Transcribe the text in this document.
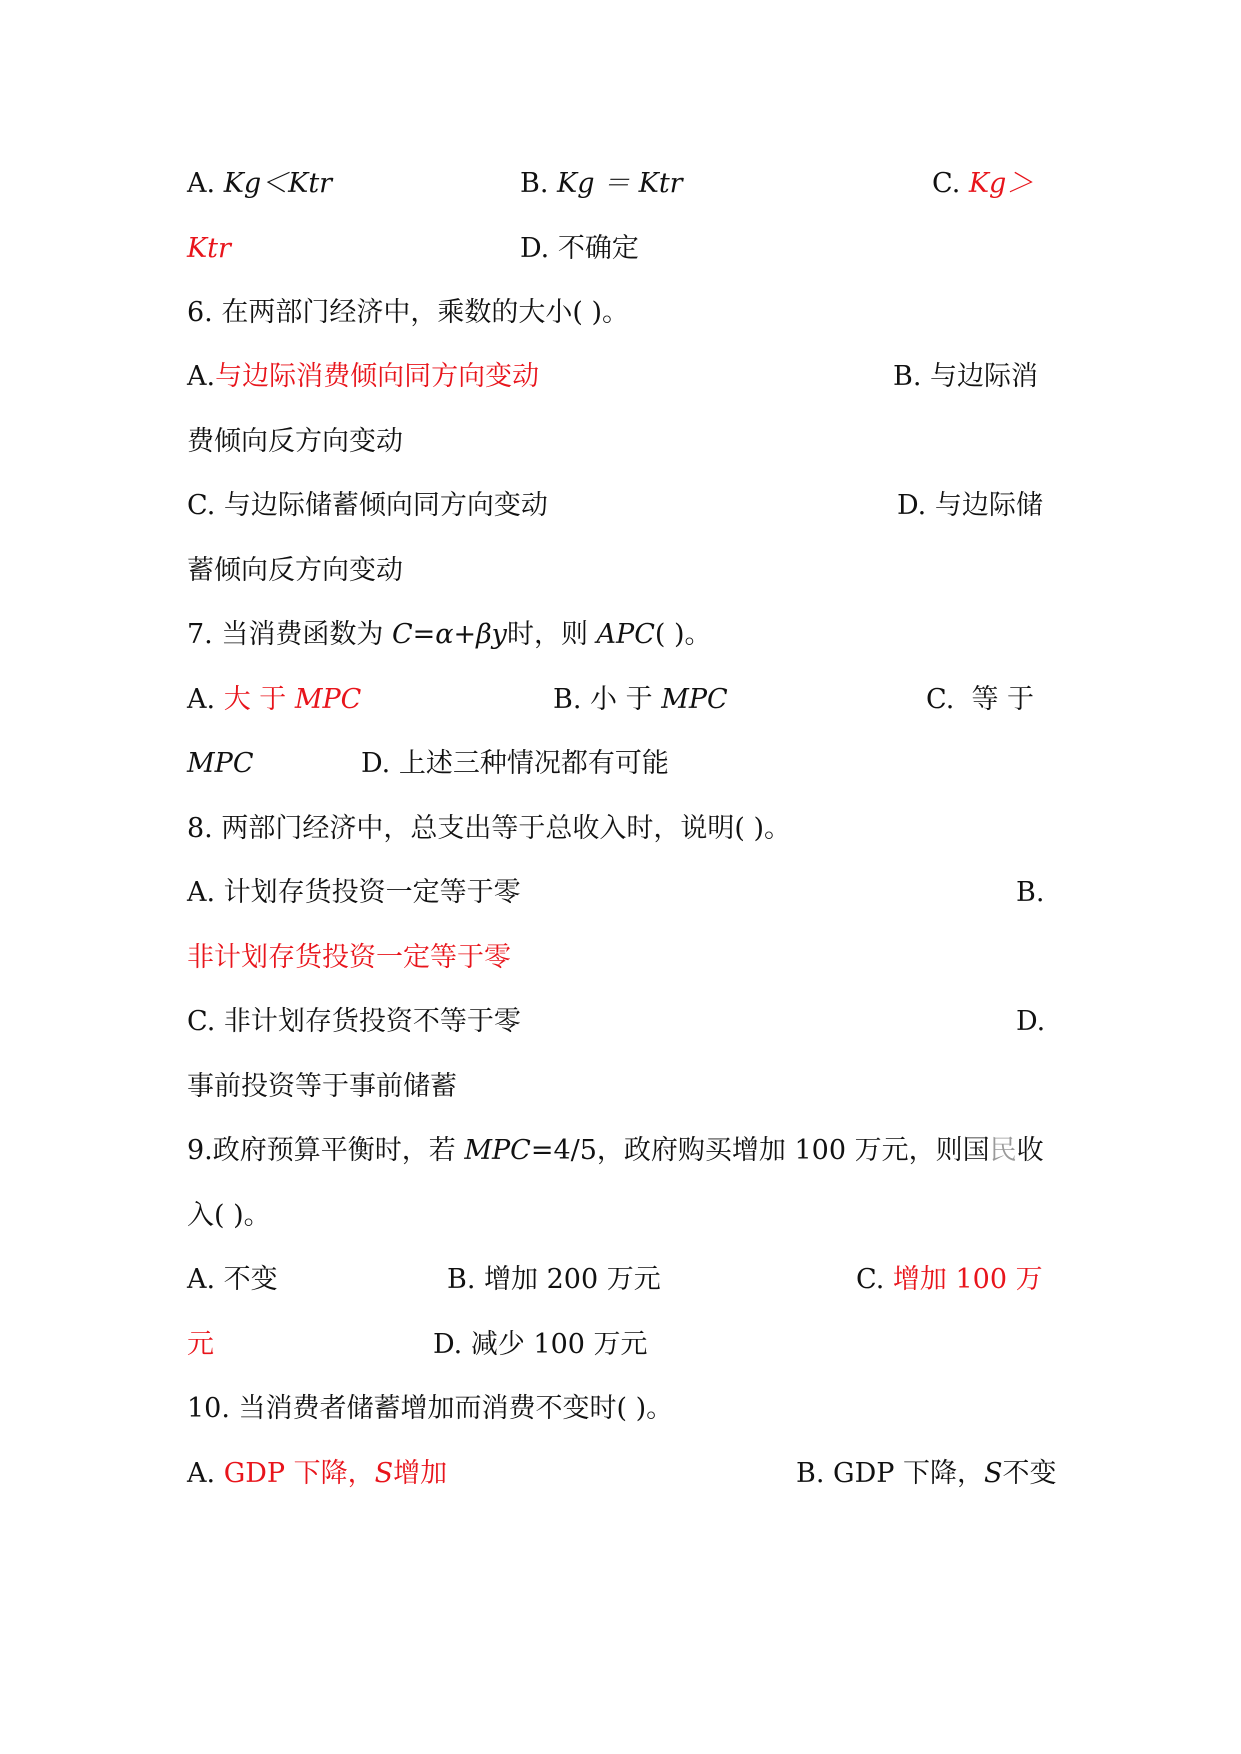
A. Kg＜Ktr	B. Kg ＝ Ktr	C. Kg＞
Ktr	D. 不确定
6. 在两部门经济中，乘数的大小( )。
A.与边际消费倾向同方向变动	B. 与边际消
费倾向反方向变动
C. 与边际储蓄倾向同方向变动	D. 与边际储
蓄倾向反方向变动
7. 当消费函数为 C=α+βy时，则 APC( )。
A. 大 于 MPC	B. 小 于 MPC	C. 等 于
MPC	D. 上述三种情况都有可能
8. 两部门经济中，总支出等于总收入时，说明( )。
A. 计划存货投资一定等于零	B.
非计划存货投资一定等于零
C. 非计划存货投资不等于零	D.
事前投资等于事前储蓄
9.政府预算平衡时，若 MPC=4/5，政府购买增加 100 万元，则国民收
入( )。
A. 不变	B. 增加 200 万元	C. 增加 100 万
元	D. 减少 100 万元
10. 当消费者储蓄增加而消费不变时( )。
A. GDP 下降，S增加	B. GDP 下降，S不变
